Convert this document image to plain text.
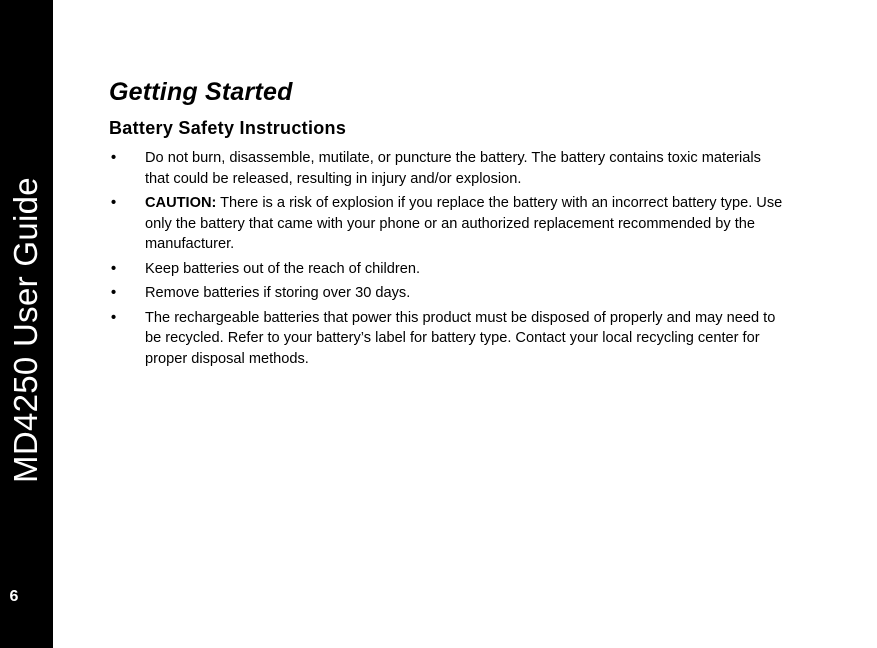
MD4250 User Guide
6
Getting Started
Battery Safety Instructions
• Do not burn, disassemble, mutilate, or puncture the battery. The battery contains toxic materials that could be released, resulting in injury and/or explosion.
• CAUTION: There is a risk of explosion if you replace the battery with an incorrect battery type. Use only the battery that came with your phone or an authorized replacement recommended by the manufacturer.
• Keep batteries out of the reach of children.
• Remove batteries if storing over 30 days.
• The rechargeable batteries that power this product must be disposed of properly and may need to be recycled. Refer to your battery’s label for battery type. Contact your local recycling center for proper disposal methods.
